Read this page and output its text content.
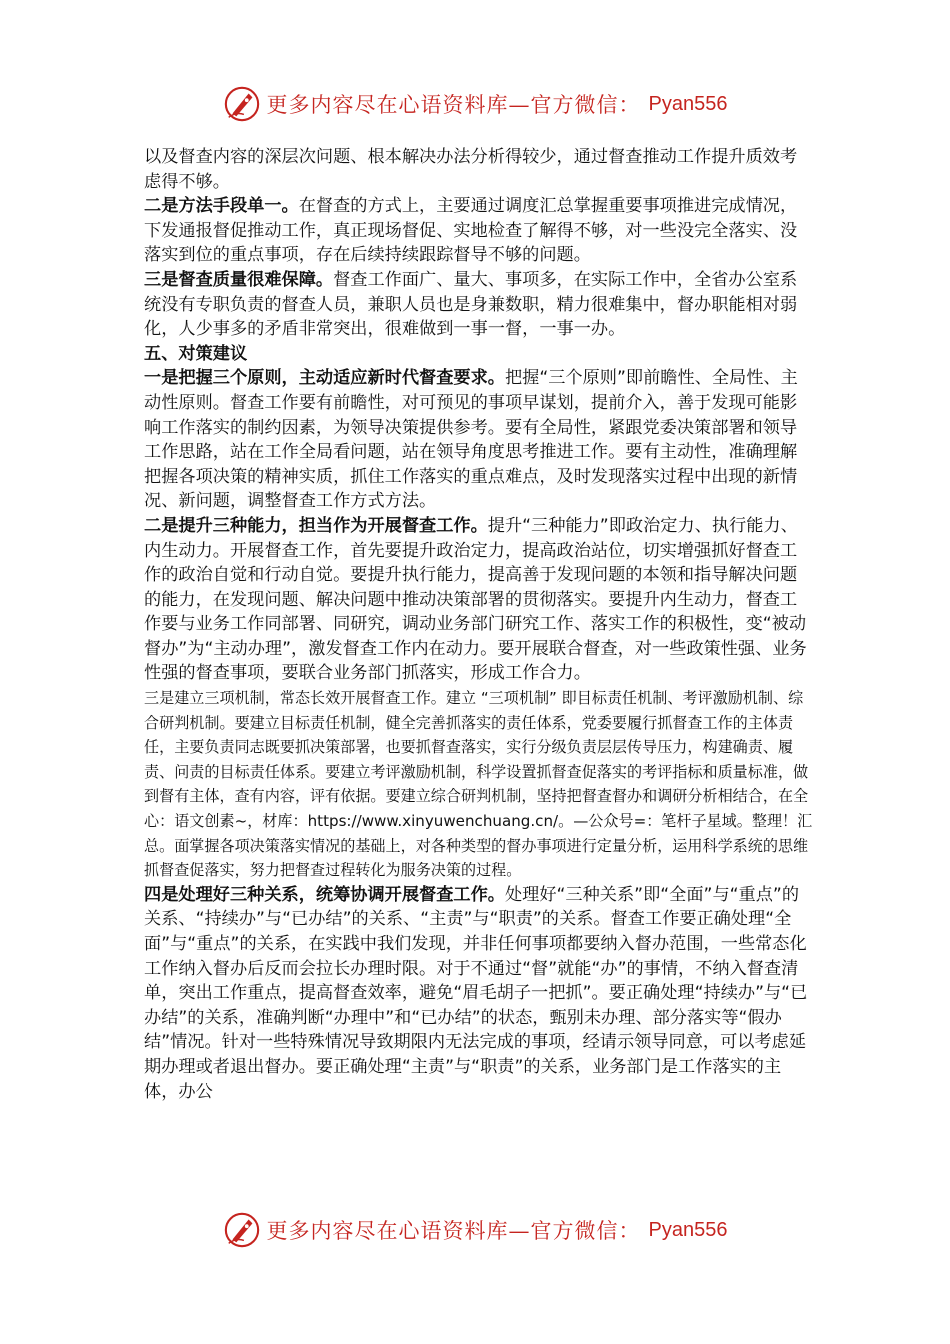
更多内容尽在心语资料库—官方微信： Pyan556

以及督查内容的深层次问题、根本解决办法分析得较少，通过督查推动工作提升质效考虑得不够。

二是方法手段单一。在督查的方式上，主要通过调度汇总掌握重要事项推进完成情况，下发通报督促推动工作，真正现场督促、实地检查了解得不够，对一些没完全落实、没落实到位的重点事项，存在后续持续跟踪督导不够的问题。

三是督查质量很难保障。督查工作面广、量大、事项多，在实际工作中，全省办公室系统没有专职负责的督查人员，兼职人员也是身兼数职，精力很难集中，督办职能相对弱化，人少事多的矛盾非常突出，很难做到一事一督，一事一办。

五、对策建议

一是把握三个原则，主动适应新时代督查要求。把握“三个原则”即前瞻性、全局性、主动性原则。督查工作要有前瞻性，对可预见的事项早谋划，提前介入，善于发现可能影响工作落实的制约因素，为领导决策提供参考。要有全局性，紧跟党委决策部署和领导工作思路，站在工作全局看问题，站在领导角度思考推进工作。要有主动性，准确理解把握各项决策的精神实质，抓住工作落实的重点难点，及时发现落实过程中出现的新情况、新问题，调整督查工作方式方法。

二是提升三种能力，担当作为开展督查工作。提升“三种能力”即政治定力、执行能力、内生动力。开展督查工作，首先要提升政治定力，提高政治站位，切实增强抓好督查工作的政治自觉和行动自觉。要提升执行能力，提高善于发现问题的本领和指导解决问题的能力，在发现问题、解决问题中推动决策部署的贯彻落实。要提升内生动力，督查工作要与业务工作同部署、同研究，调动业务部门研究工作、落实工作的积极性，变“被动督办”为“主动办理”，激发督查工作内在动力。要开展联合督查，对一些政策性强、业务性强的督查事项，要联合业务部门抓落实，形成工作合力。

三是建立三项机制，常态长效开展督查工作。建立 “三项机制” 即目标责任机制、考评激励机制、综合研判机制。要建立目标责任机制，健全完善抓落实的责任体系，党委要履行抓督查工作的主体责任，主要负责同志既要抓决策部署，也要抓督查落实，实行分级负责层层传导压力，构建确责、履责、问责的目标责任体系。要建立考评激励机制，科学设置抓督查促落实的考评指标和质量标准，做到督有主体，查有内容，评有依据。要建立综合研判机制，坚持把督查督办和调研分析相结合，在全心：语文创素~，材库：https://www.xinyuwenchuang.cn/。—公众号=：笔杆子星域。整理！汇总。面掌握各项决策落实情况的基础上，对各种类型的督办事项进行定量分析，运用科学系统的思维抓督查促落实，努力把督查过程转化为服务决策的过程。

四是处理好三种关系，统筹协调开展督查工作。处理好“三种关系”即“全面”与“重点”的关系、“持续办”与“已办结”的关系、“主责”与“职责”的关系。督查工作要正确处理“全面”与“重点”的关系，在实践中我们发现，并非任何事项都要纳入督办范围，一些常态化工作纳入督办后反而会拉长办理时限。对于不通过“督”就能“办”的事情，不纳入督查清单，突出工作重点，提高督查效率，避免“眉毛胡子一把抓”。要正确处理“持续办”与“已办结”的关系，准确判断“办理中”和“已办结”的状态，甄别未办理、部分落实等“假办结”情况。针对一些特殊情况导致期限内无法完成的事项，经请示领导同意，可以考虑延期办理或者退出督办。要正确处理“主责”与“职责”的关系，业务部门是工作落实的主体，办公

更多内容尽在心语资料库—官方微信： Pyan556
